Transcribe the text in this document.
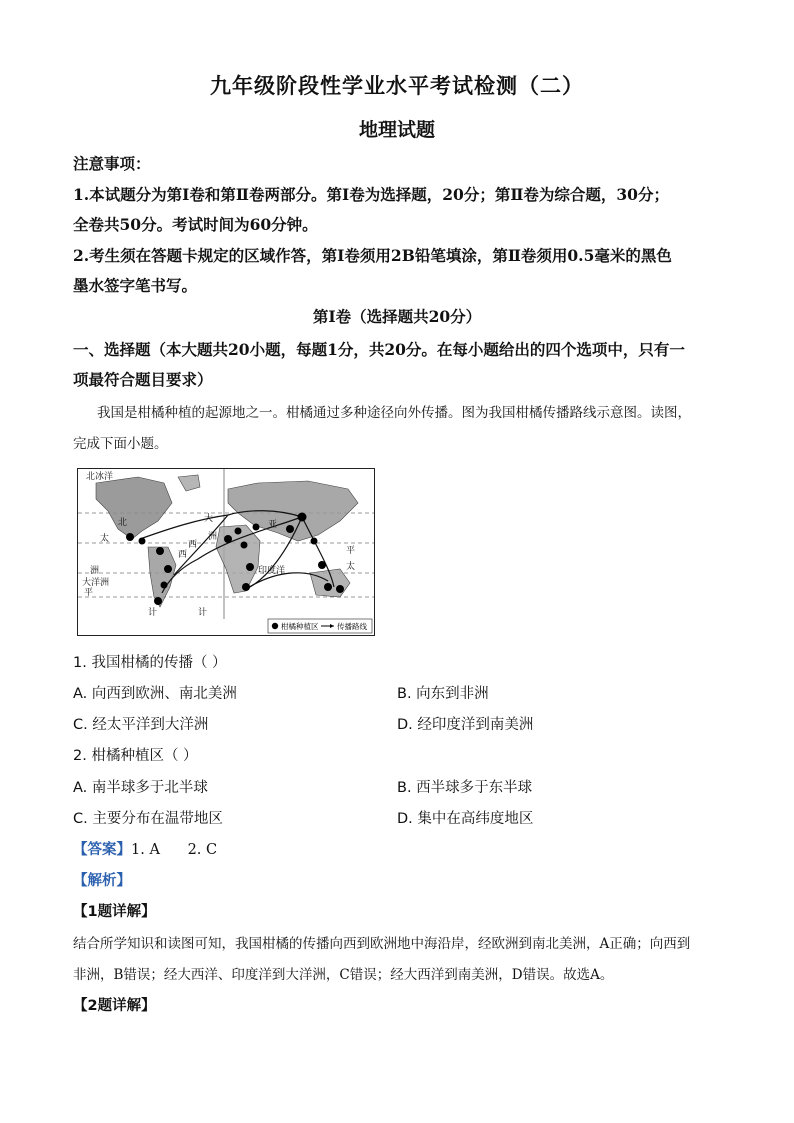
九年级阶段性学业水平考试检测（二）
地理试题
注意事项：
1.本试题分为第Ⅰ卷和第Ⅱ卷两部分。第Ⅰ卷为选择题，20分；第Ⅱ卷为综合题，30分；
全卷共50分。考试时间为60分钟。
2.考生须在答题卡规定的区域作答，第Ⅰ卷须用2B铅笔填涂，第Ⅱ卷须用0.5毫米的黑色
墨水签字笔书写。
第Ⅰ卷（选择题共20分）
一、选择题（本大题共20小题，每题1分，共20分。在每小题给出的四个选项中，只有一
项最符合题目要求）
我国是柑橘种植的起源地之一。柑橘通过多种途径向外传播。图为我国柑橘传播路线示意图。读图，
完成下面小题。
北冰洋
太
大
亚
北
洲
西
西
太
洲
大洋洲
印度洋
平
计	计
平
柑橘种植区 传播路线
1. 我国柑橘的传播（ ）
A. 向西到欧洲、南北美洲	B. 向东到非洲
C. 经太平洋到大洋洲	D. 经印度洋到南美洲
2. 柑橘种植区（ ）
A. 南半球多于北半球	B. 西半球多于东半球
C. 主要分布在温带地区	D. 集中在高纬度地区
【答案】1. A      2. C
【解析】
【1题详解】
结合所学知识和读图可知，我国柑橘的传播向西到欧洲地中海沿岸，经欧洲到南北美洲，A正确；向西到
非洲，B错误；经大西洋、印度洋到大洋洲，C错误；经大西洋到南美洲，D错误。故选A。
【2题详解】
